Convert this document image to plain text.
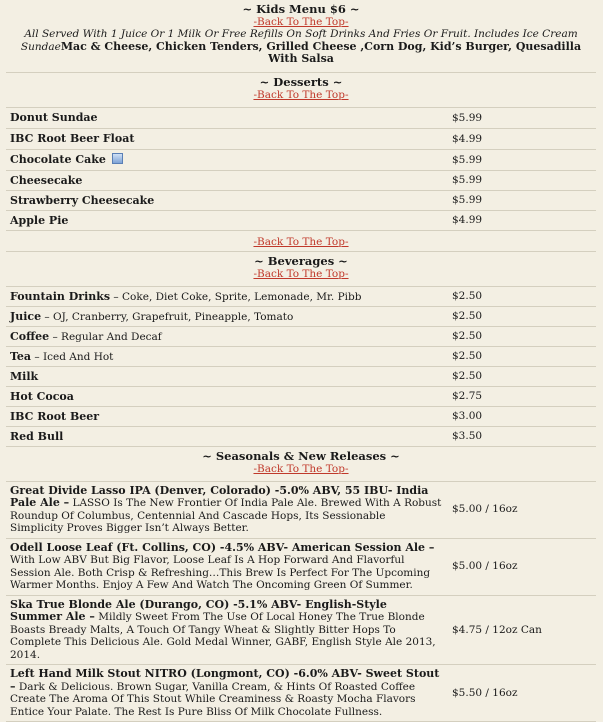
~ Kids Menu $6 ~
-Back To The Top-
All Served With 1 Juice Or 1 Milk Or Free Refills On Soft Drinks And Fries Or Fruit. Includes Ice Cream SundaeMac & Cheese, Chicken Tenders, Grilled Cheese ,Corn Dog, Kid’s Burger, Quesadilla With Salsa
~ Desserts ~
-Back To The Top-
Donut Sundae	$5.99
IBC Root Beer Float	$4.99
Chocolate Cake	$5.99
Cheesecake	$5.99
Strawberry Cheesecake	$5.99
Apple Pie	$4.99
-Back To The Top-
~ Beverages ~
-Back To The Top-
Fountain Drinks – Coke, Diet Coke, Sprite, Lemonade, Mr. Pibb	$2.50
Juice – OJ, Cranberry, Grapefruit, Pineapple, Tomato	$2.50
Coffee – Regular And Decaf	$2.50
Tea – Iced And Hot	$2.50
Milk	$2.50
Hot Cocoa	$2.75
IBC Root Beer	$3.00
Red Bull	$3.50
~ Seasonals & New Releases ~
-Back To The Top-
Great Divide Lasso IPA (Denver, Colorado) -5.0% ABV, 55 IBU- India Pale Ale – LASSO Is The New Frontier Of India Pale Ale. Brewed With A Robust Roundup Of Columbus, Centennial And Cascade Hops, Its Sessionable Simplicity Proves Bigger Isn’t Always Better.	$5.00 / 16oz
Odell Loose Leaf (Ft. Collins, CO) -4.5% ABV- American Session Ale – With Low ABV But Big Flavor, Loose Leaf Is A Hop Forward And Flavorful Session Ale. Both Crisp & Refreshing…This Brew Is Perfect For The Upcoming Warmer Months. Enjoy A Few And Watch The Oncoming Green Of Summer.	$5.00 / 16oz
Ska True Blonde Ale (Durango, CO) -5.1% ABV- English-Style Summer Ale – Mildly Sweet From The Use Of Local Honey The True Blonde Boasts Bready Malts, A Touch Of Tangy Wheat & Slightly Bitter Hops To Complete This Delicious Ale. Gold Medal Winner, GABF, English Style Ale 2013, 2014.	$4.75 / 12oz Can
Left Hand Milk Stout NITRO (Longmont, CO) -6.0% ABV- Sweet Stout – Dark & Delicious. Brown Sugar, Vanilla Cream, & Hints Of Roasted Coffee Create The Aroma Of This Stout While Creaminess & Roasty Mocha Flavors Entice Your Palate. The Rest Is Pure Bliss Of Milk Chocolate Fullness.	$5.50 / 16oz
